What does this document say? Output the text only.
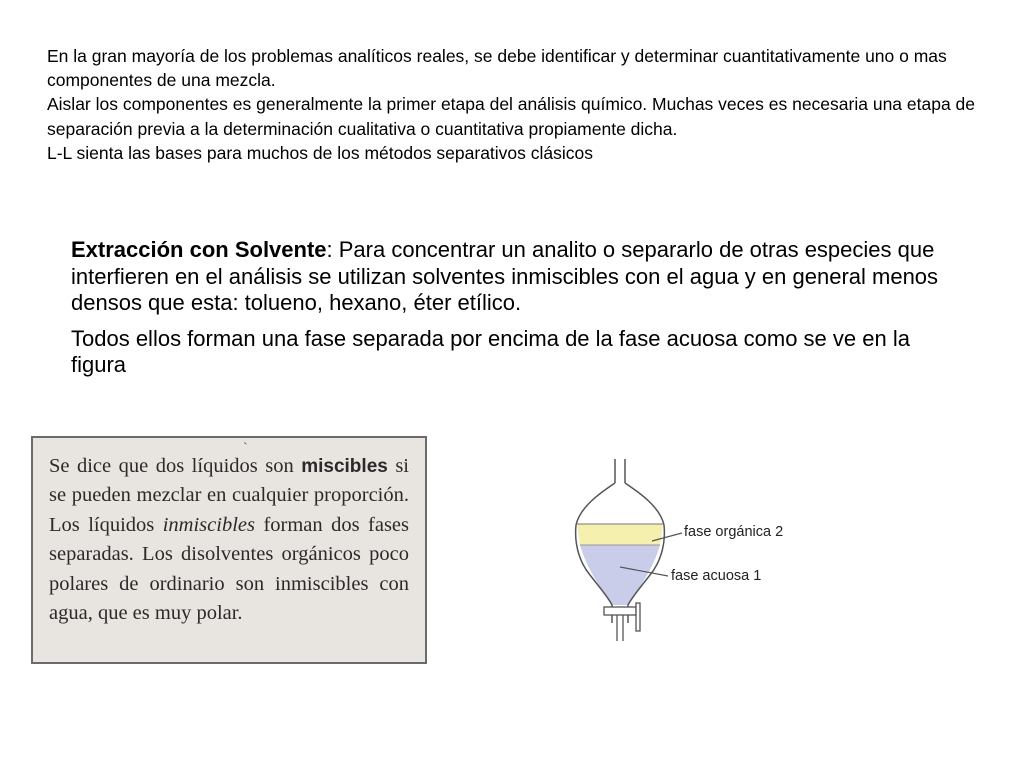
En la gran mayoría de los problemas analíticos reales, se debe identificar y determinar cuantitativamente uno o mas componentes de una mezcla.

Aislar los componentes es generalmente la primer etapa del análisis químico. Muchas veces es necesaria una etapa de separación previa a la determinación cualitativa o cuantitativa propiamente dicha.

L-L sienta las bases para muchos de los métodos separativos clásicos

Extracción con Solvente: Para concentrar un analito o separarlo de otras especies que interfieren en el análisis se utilizan solventes inmiscibles con el agua y en general menos densos que esta: tolueno, hexano, éter etílico.

Todos ellos forman una fase separada por encima de la fase acuosa como se ve en la figura

`
Se dice que dos líquidos son miscibles si se pueden mezclar en cualquier proporción. Los líquidos inmiscibles forman dos fases separadas. Los disolventes orgánicos poco polares de ordinario son inmiscibles con agua, que es muy polar.
fase orgánica 2
fase acuosa 1
